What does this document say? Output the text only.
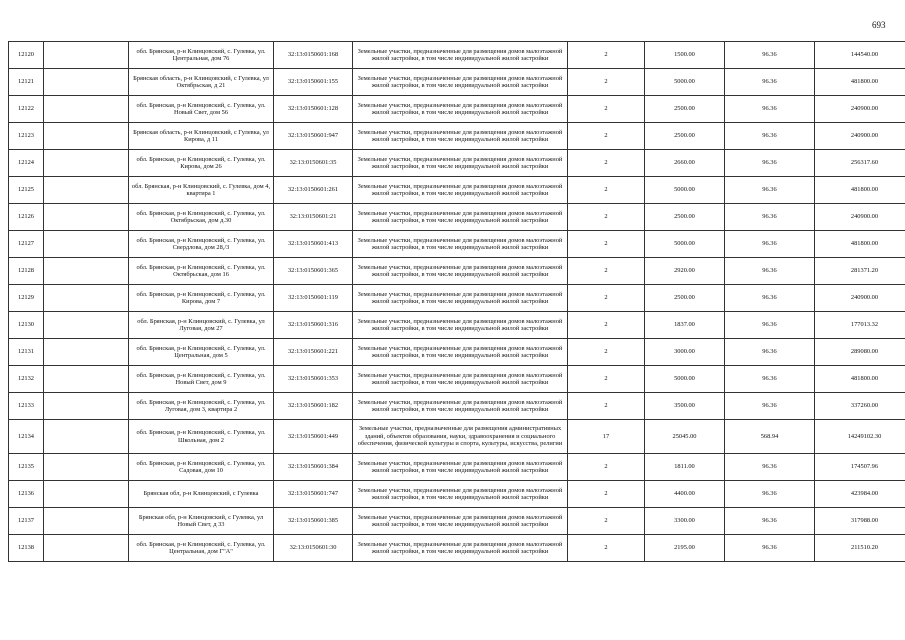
693
12120		обл. Брянская, р-н Клинцовский, с. Гулевка, ул. Центральная, дом 76	32:13:0150601:168	Земельные участки, предназначенные для размещения домов малоэтажной жилой застройки, в том числе индивидуальной жилой застройки	2	1500.00	96.36	144540.00
12121		Брянская область, р-н Клинцовский, с Гулевка, ул Октябрьская, д 21	32:13:0150601:155	Земельные участки, предназначенные для размещения домов малоэтажной жилой застройки, в том числе индивидуальной жилой застройки	2	5000.00	96.36	481800.00
12122		обл. Брянская, р-н Клинцовский, с. Гулевка, ул. Новый Свет, дом 56	32:13:0150601:128	Земельные участки, предназначенные для размещения домов малоэтажной жилой застройки, в том числе индивидуальной жилой застройки	2	2500.00	96.36	240900.00
12123		Брянская область, р-н Клинцовский, с Гулевка, ул Кирова, д 11	32:13:0150601:947	Земельные участки, предназначенные для размещения домов малоэтажной жилой застройки, в том числе индивидуальной жилой застройки	2	2500.00	96.36	240900.00
12124		обл. Брянская, р-н Клинцовский, с. Гулевка, ул. Кирова, дом 26	32:13:0150601:35	Земельные участки, предназначенные для размещения домов малоэтажной жилой застройки, в том числе индивидуальной жилой застройки	2	2660.00	96.36	256317.60
12125		обл. Брянская, р-н Клинцовский, с. Гулевка, дом 4, квартира 1	32:13:0150601:261	Земельные участки, предназначенные для размещения домов малоэтажной жилой застройки, в том числе индивидуальной жилой застройки	2	5000.00	96.36	481800.00
12126		обл. Брянская, р-н Клинцовский, с. Гулевка, ул. Октябрьская, дом д.30	32:13:0150601:21	Земельные участки, предназначенные для размещения домов малоэтажной жилой застройки, в том числе индивидуальной жилой застройки	2	2500.00	96.36	240900.00
12127		обл. Брянская, р-н Клинцовский, с. Гулевка, ул. Свердлова, дом 28,/3	32:13:0150601:413	Земельные участки, предназначенные для размещения домов малоэтажной жилой застройки, в том числе индивидуальной жилой застройки	2	5000.00	96.36	481800.00
12128		обл. Брянская, р-н Клинцовский, с. Гулевка, ул. Октябрьская, дом 16	32:13:0150601:365	Земельные участки, предназначенные для размещения домов малоэтажной жилой застройки, в том числе индивидуальной жилой застройки	2	2920.00	96.36	281371.20
12129		обл. Брянская, р-н Клинцовский, с. Гулевка, ул. Кирова, дом 7	32:13:0150601:119	Земельные участки, предназначенные для размещения домов малоэтажной жилой застройки, в том числе индивидуальной жилой застройки	2	2500.00	96.36	240900.00
12130		обл. Брянская, р-н Клинцовский, с. Гулевка, ул Луговая, дом 27	32:13:0150601:316	Земельные участки, предназначенные для размещения домов малоэтажной жилой застройки, в том числе индивидуальной жилой застройки	2	1837.00	96.36	177013.32
12131		обл. Брянская, р-н Клинцовский, с. Гулевка, ул. Центральная, дом 5	32:13:0150601:221	Земельные участки, предназначенные для размещения домов малоэтажной жилой застройки, в том числе индивидуальной жилой застройки	2	3000.00	96.36	289080.00
12132		обл. Брянская, р-н Клинцовский, с. Гулевка, ул. Новый Свет, дом 9	32:13:0150601:353	Земельные участки, предназначенные для размещения домов малоэтажной жилой застройки, в том числе индивидуальной жилой застройки	2	5000.00	96.36	481800.00
12133		обл. Брянская, р-н Клинцовский, с. Гулевка, ул. Луговая, дом 3, квартира 2	32:13:0150601:182	Земельные участки, предназначенные для размещения домов малоэтажной жилой застройки, в том числе индивидуальной жилой застройки	2	3500.00	96.36	337260.00
12134		обл. Брянская, р-н Клинцовский, с. Гулевка, ул. Школьная, дом 2	32:13:0150601:449	Земельные участки, предназначенные для размещения административных зданий, объектов образования, науки, здравоохранения и социального обеспечения, физической культуры и спорта, культуры, искусства, религии	17	25045.00	568.94	14249102.30
12135		обл. Брянская, р-н Клинцовский, с. Гулевка, ул. Садовая, дом 10	32:13:0150601:384	Земельные участки, предназначенные для размещения домов малоэтажной жилой застройки, в том числе индивидуальной жилой застройки	2	1811.00	96.36	174507.96
12136		Брянская обл, р-н Клинцовский, с Гулевка	32:13:0150601:747	Земельные участки, предназначенные для размещения домов малоэтажной жилой застройки, в том числе индивидуальной жилой застройки	2	4400.00	96.36	423984.00
12137		Брянская обл, р-н Клинцовский, с Гулевка, ул Новый Свет, д 33	32:13:0150601:385	Земельные участки, предназначенные для размещения домов малоэтажной жилой застройки, в том числе индивидуальной жилой застройки	2	3300.00	96.36	317988.00
12138		обл. Брянская, р-н Клинцовский, с. Гулевка, ул. Центральная, дом Г"А"	32:13:0150601:30	Земельные участки, предназначенные для размещения домов малоэтажной жилой застройки, в том числе индивидуальной жилой застройки	2	2195.00	96.36	211510.20
